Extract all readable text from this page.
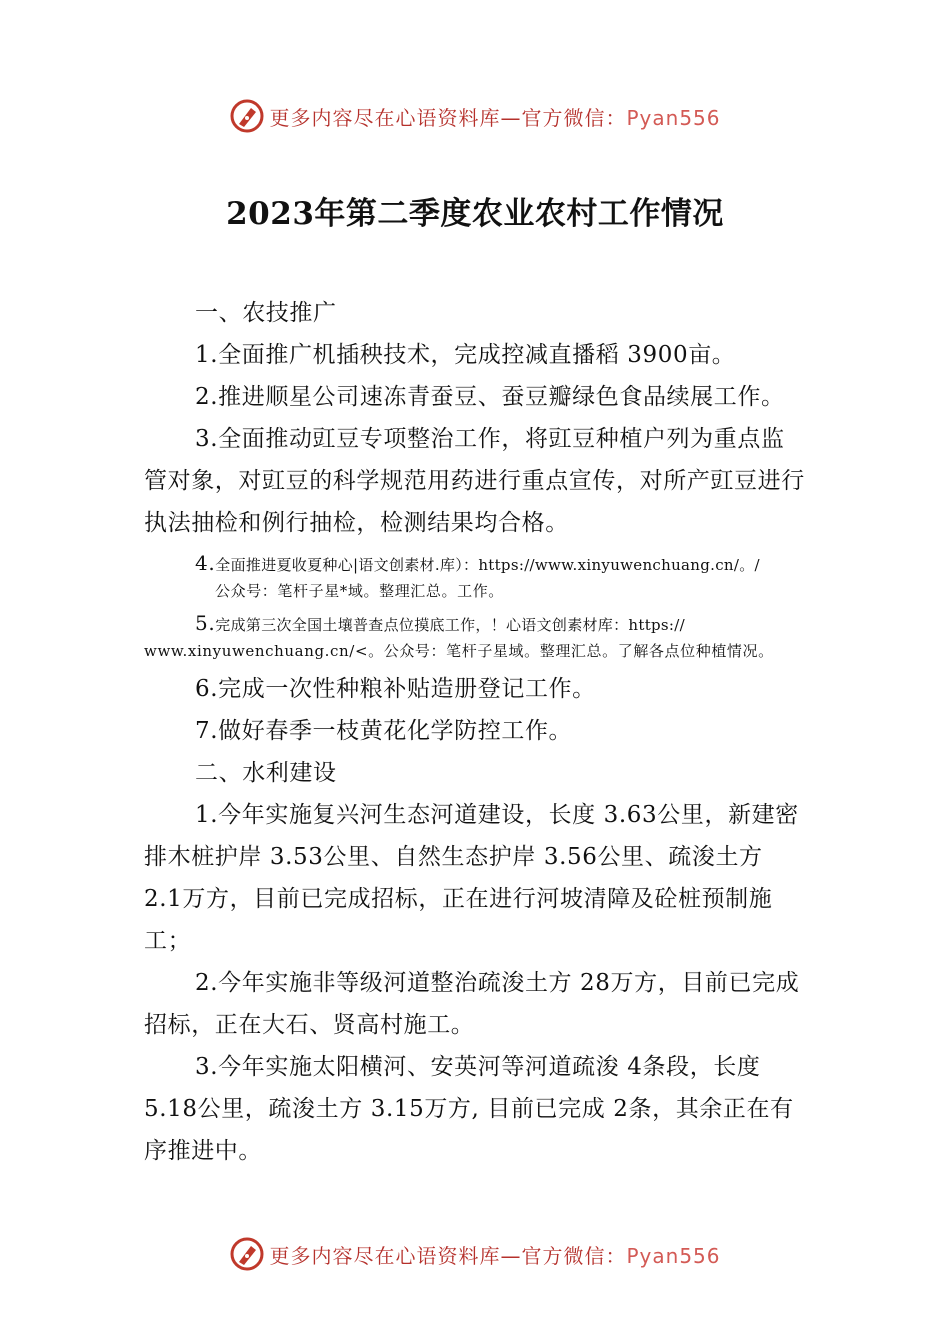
更多内容尽在心语资料库—官方微信：Pyan556
2023年第二季度农业农村工作情况

一、农技推广

1.全面推广机插秧技术，完成控减直播稻 3900亩。

2.推进顺星公司速冻青蚕豆、蚕豆瓣绿色食品续展工作。

3.全面推动豇豆专项整治工作，将豇豆种植户列为重点监管对象，对豇豆的科学规范用药进行重点宣传，对所产豇豆进行执法抽检和例行抽检，检测结果均合格。

4.全面推进夏收夏种心|语文创素材.库）：https://www.xinyuwenchuang.cn/。/
公众号：笔杆子星*域。整理汇总。工作。

5.完成第三次全国土壤普查点位摸底工作，！心语文创素材库：https://
www.xinyuwenchuang.cn/<。公众号：笔杆子星域。整理汇总。了解各点位种植情况。

6.完成一次性种粮补贴造册登记工作。

7.做好春季一枝黄花化学防控工作。

二、水利建设

1.今年实施复兴河生态河道建设，长度 3.63公里，新建密排木桩护岸 3.53公里、自然生态护岸 3.56公里、疏浚土方 2.1万方，目前已完成招标，正在进行河坡清障及砼桩预制施工；

2.今年实施非等级河道整治疏浚土方 28万方，目前已完成招标，正在大石、贤高村施工。

3.今年实施太阳横河、安英河等河道疏浚 4条段，长度5.18公里，疏浚土方 3.15万方, 目前已完成 2条，其余正在有序推进中。

更多内容尽在心语资料库—官方微信：Pyan556
